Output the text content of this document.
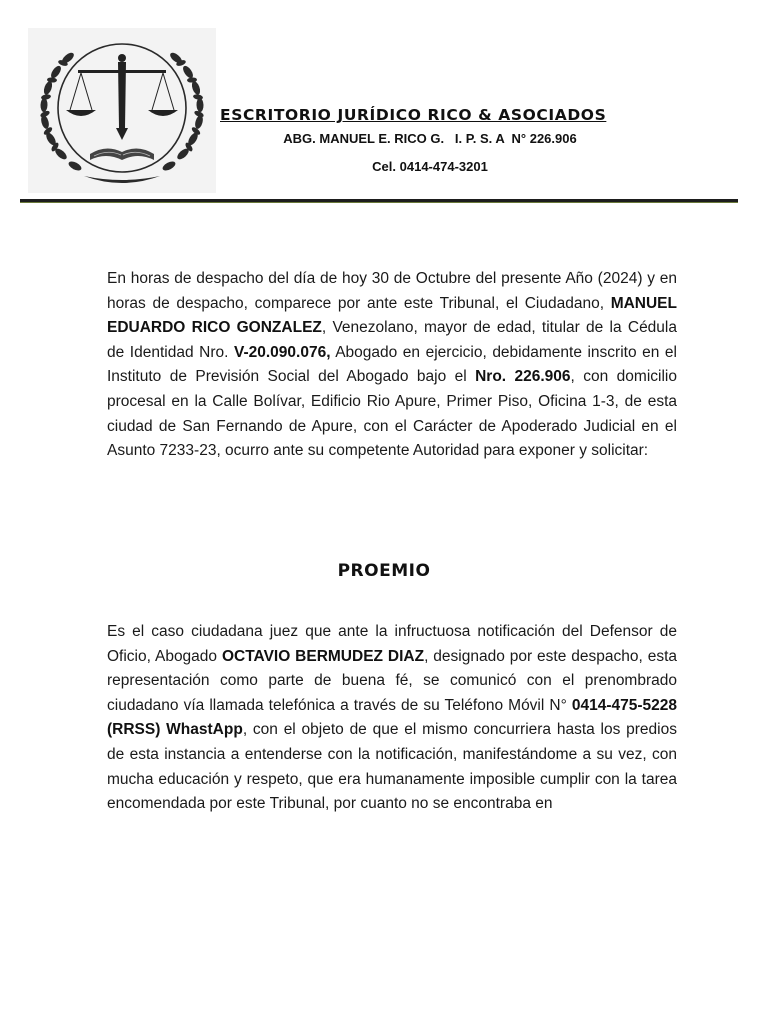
ESCRITORIO JURÍDICO RICO & ASOCIADOS
ABG. MANUEL E. RICO G.   I. P. S. A  N° 226.906
Cel. 0414-474-3201

En horas de despacho del día de hoy 30 de Octubre del presente Año (2024) y en horas de despacho, comparece por ante este Tribunal, el Ciudadano, MANUEL EDUARDO RICO GONZALEZ, Venezolano, mayor de edad, titular de la Cédula de Identidad Nro. V-20.090.076, Abogado en ejercicio, debidamente inscrito en el Instituto de Previsión Social del Abogado bajo el Nro. 226.906, con domicilio procesal en la Calle Bolívar, Edificio Rio Apure, Primer Piso, Oficina 1-3, de esta ciudad de San Fernando de Apure, con el Carácter de Apoderado Judicial en el Asunto 7233-23, ocurro ante su competente Autoridad para exponer y solicitar:

PROEMIO

Es el caso ciudadana juez que ante la infructuosa notificación del Defensor de Oficio, Abogado OCTAVIO BERMUDEZ DIAZ, designado por este despacho, esta representación como parte de buena fé, se comunicó con el prenombrado ciudadano vía llamada telefónica a través de su Teléfono Móvil N° 0414-475-5228 (RRSS) WhastApp, con el objeto de que el mismo concurriera hasta los predios de esta instancia a entenderse con la notificación, manifestándome a su vez, con mucha educación y respeto, que era humanamente imposible cumplir con la tarea encomendada por este Tribunal, por cuanto no se encontraba en
